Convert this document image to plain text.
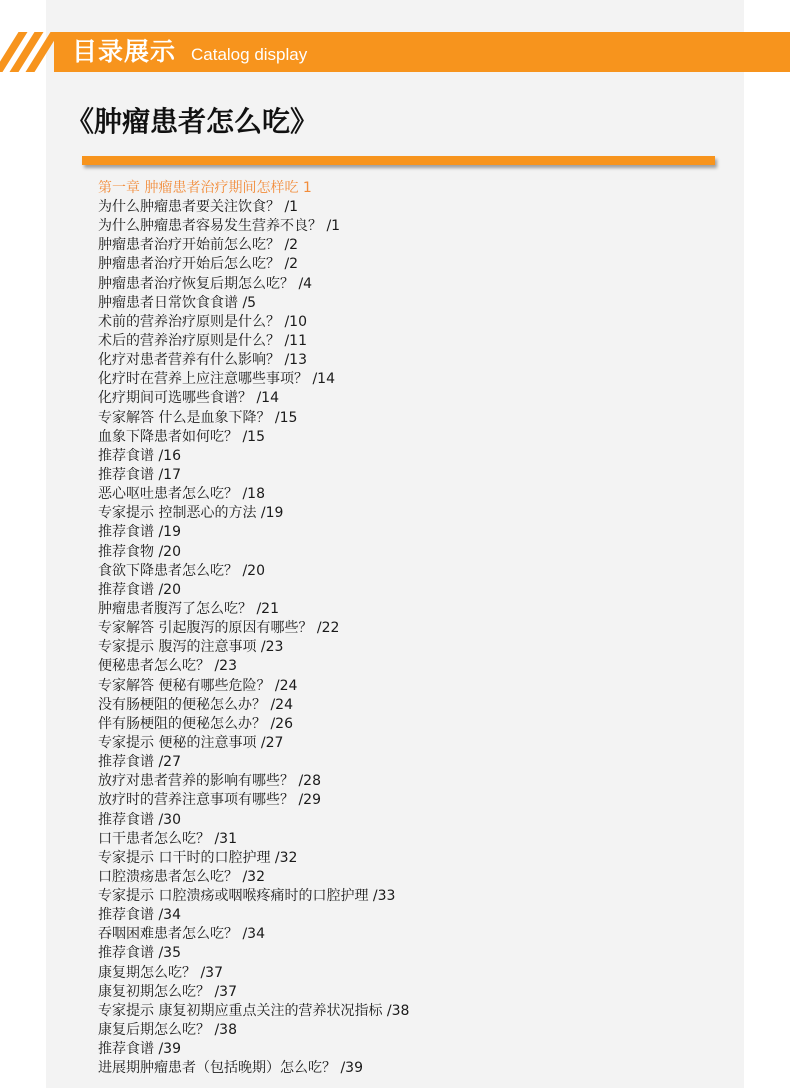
目录展示 Catalog display
《肿瘤患者怎么吃》
第一章 肿瘤患者治疗期间怎样吃 1
为什么肿瘤患者要关注饮食？ /1
为什么肿瘤患者容易发生营养不良？ /1
肿瘤患者治疗开始前怎么吃？ /2
肿瘤患者治疗开始后怎么吃？ /2
肿瘤患者治疗恢复后期怎么吃？ /4
肿瘤患者日常饮食食谱 /5
术前的营养治疗原则是什么？ /10
术后的营养治疗原则是什么？ /11
化疗对患者营养有什么影响？ /13
化疗时在营养上应注意哪些事项？ /14
化疗期间可选哪些食谱？ /14
专家解答 什么是血象下降？ /15
血象下降患者如何吃？ /15
推荐食谱 /16
推荐食谱 /17
恶心呕吐患者怎么吃？ /18
专家提示 控制恶心的方法 /19
推荐食谱 /19
推荐食物 /20
食欲下降患者怎么吃？ /20
推荐食谱 /20
肿瘤患者腹泻了怎么吃？ /21
专家解答 引起腹泻的原因有哪些？ /22
专家提示 腹泻的注意事项 /23
便秘患者怎么吃？ /23
专家解答 便秘有哪些危险？ /24
没有肠梗阻的便秘怎么办？ /24
伴有肠梗阻的便秘怎么办？ /26
专家提示 便秘的注意事项 /27
推荐食谱 /27
放疗对患者营养的影响有哪些？ /28
放疗时的营养注意事项有哪些？ /29
推荐食谱 /30
口干患者怎么吃？ /31
专家提示 口干时的口腔护理 /32
口腔溃疡患者怎么吃？ /32
专家提示 口腔溃疡或咽喉疼痛时的口腔护理 /33
推荐食谱 /34
吞咽困难患者怎么吃？ /34
推荐食谱 /35
康复期怎么吃？ /37
康复初期怎么吃？ /37
专家提示 康复初期应重点关注的营养状况指标 /38
康复后期怎么吃？ /38
推荐食谱 /39
进展期肿瘤患者（包括晚期）怎么吃？ /39
